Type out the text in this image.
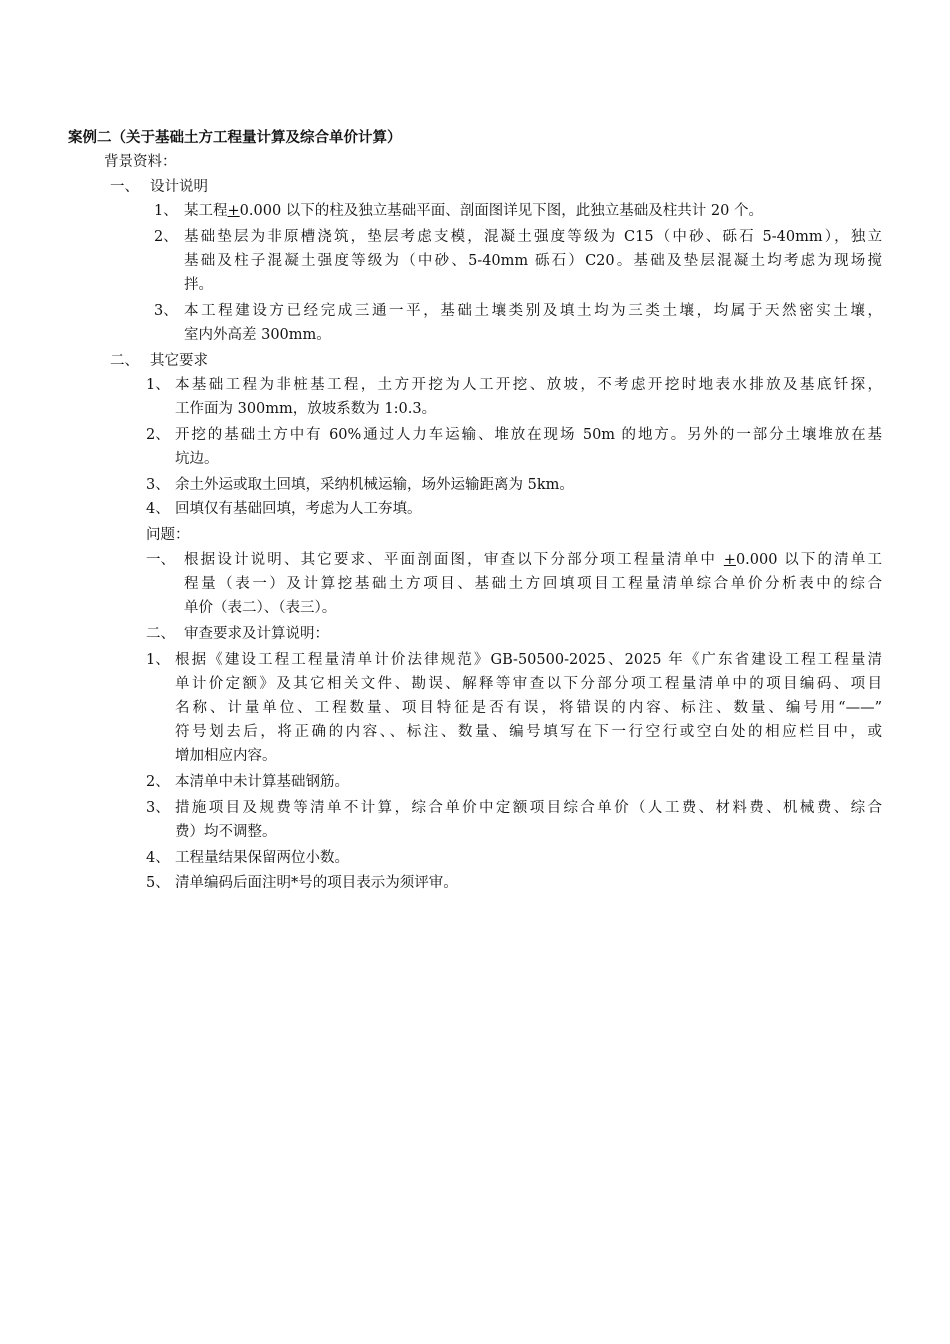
案例二（关于基础土方工程量计算及综合单价计算）
背景资料：
一、 设计说明
1、 某工程+0.000 以下的柱及独立基础平面、剖面图详见下图，此独立基础及柱共计 20 个。
2、 基础垫层为非原槽浇筑，垫层考虑支模，混凝土强度等级为 C15（中砂、砾石 5-40mm），独立
基础及柱子混凝土强度等级为（中砂、5-40mm 砾石）C20。基础及垫层混凝土均考虑为现场搅
拌。
3、 本工程建设方已经完成三通一平，基础土壤类别及填土均为三类土壤，均属于天然密实土壤，
室内外高差 300mm。
二、 其它要求
1、 本基础工程为非桩基工程，土方开挖为人工开挖、放坡，不考虑开挖时地表水排放及基底钎探，
工作面为 300mm，放坡系数为 1:0.3。
2、 开挖的基础土方中有 60%通过人力车运输、堆放在现场 50m 的地方。另外的一部分土壤堆放在基
坑边。
3、 余土外运或取土回填，采纳机械运输，场外运输距离为 5km。
4、 回填仅有基础回填，考虑为人工夯填。
问题：
一、 根据设计说明、其它要求、平面剖面图，审查以下分部分项工程量清单中 +0.000 以下的清单工
程量（表一）及计算挖基础土方项目、基础土方回填项目工程量清单综合单价分析表中的综合
单价（表二）、（表三）。
二、 审查要求及计算说明：
1、 根据《建设工程工程量清单计价法律规范》GB-50500-2025、2025 年《广东省建设工程工程量清
单计价定额》及其它相关文件、勘误、解释等审查以下分部分项工程量清单中的项目编码、项目
名称、计量单位、工程数量、项目特征是否有误，将错误的内容、标注、数量、编号用“——”
符号划去后，将正确的内容、、标注、数量、编号填写在下一行空行或空白处的相应栏目中，或
增加相应内容。
2、 本清单中未计算基础钢筋。
3、 措施项目及规费等清单不计算，综合单价中定额项目综合单价（人工费、材料费、机械费、综合
费）均不调整。
4、 工程量结果保留两位小数。
5、 清单编码后面注明*号的项目表示为须评审。
